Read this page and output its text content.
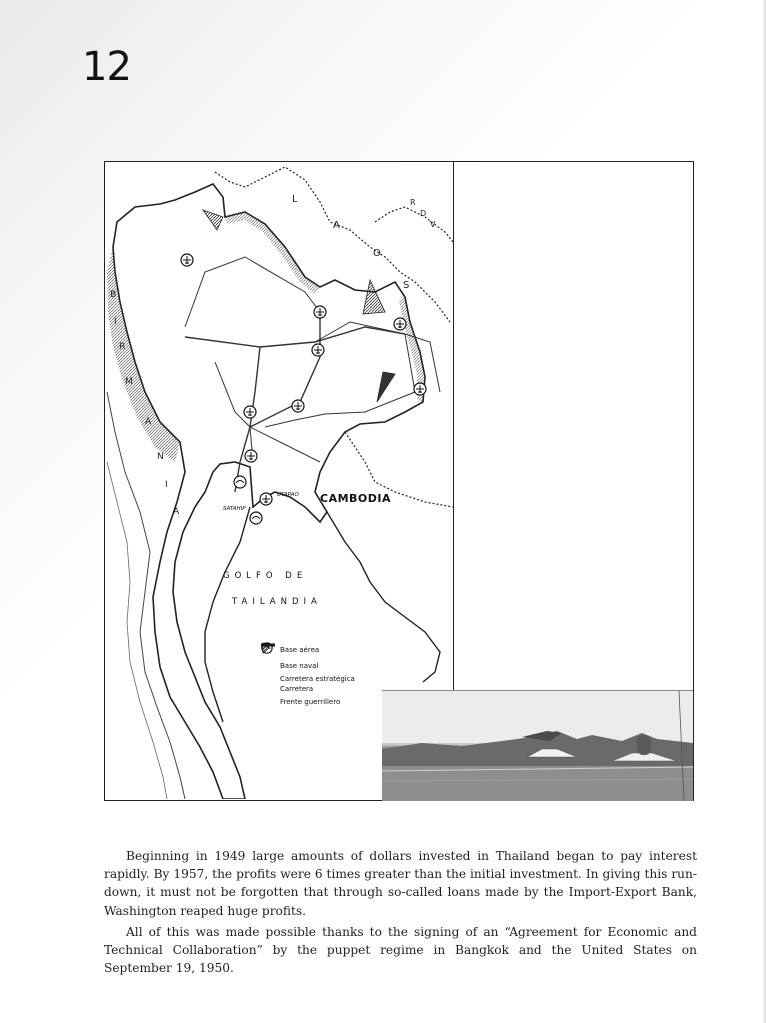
12
L
A
O
S
R
D
V
B
I
R
M
A
N
I
A
CAMBODIA
GOLFO DE
TAILANDIA
UTAPAO
SATAHIP
Base aérea
Base naval
Carretera estratégica
Carretera
Frente guerrillero

Beginning in 1949 large amounts of dollars invested in Thailand began to pay interest rapidly. By 1957, the profits were 6 times greater than the initial investment. In giving this run-down, it must not be forgotten that through so-called loans made by the Import-Export Bank, Washington reaped huge profits.

All of this was made possible thanks to the signing of an “Agreement for Economic and Technical Collaboration” by the puppet regime in Bangkok and the United States on September 19, 1950.
